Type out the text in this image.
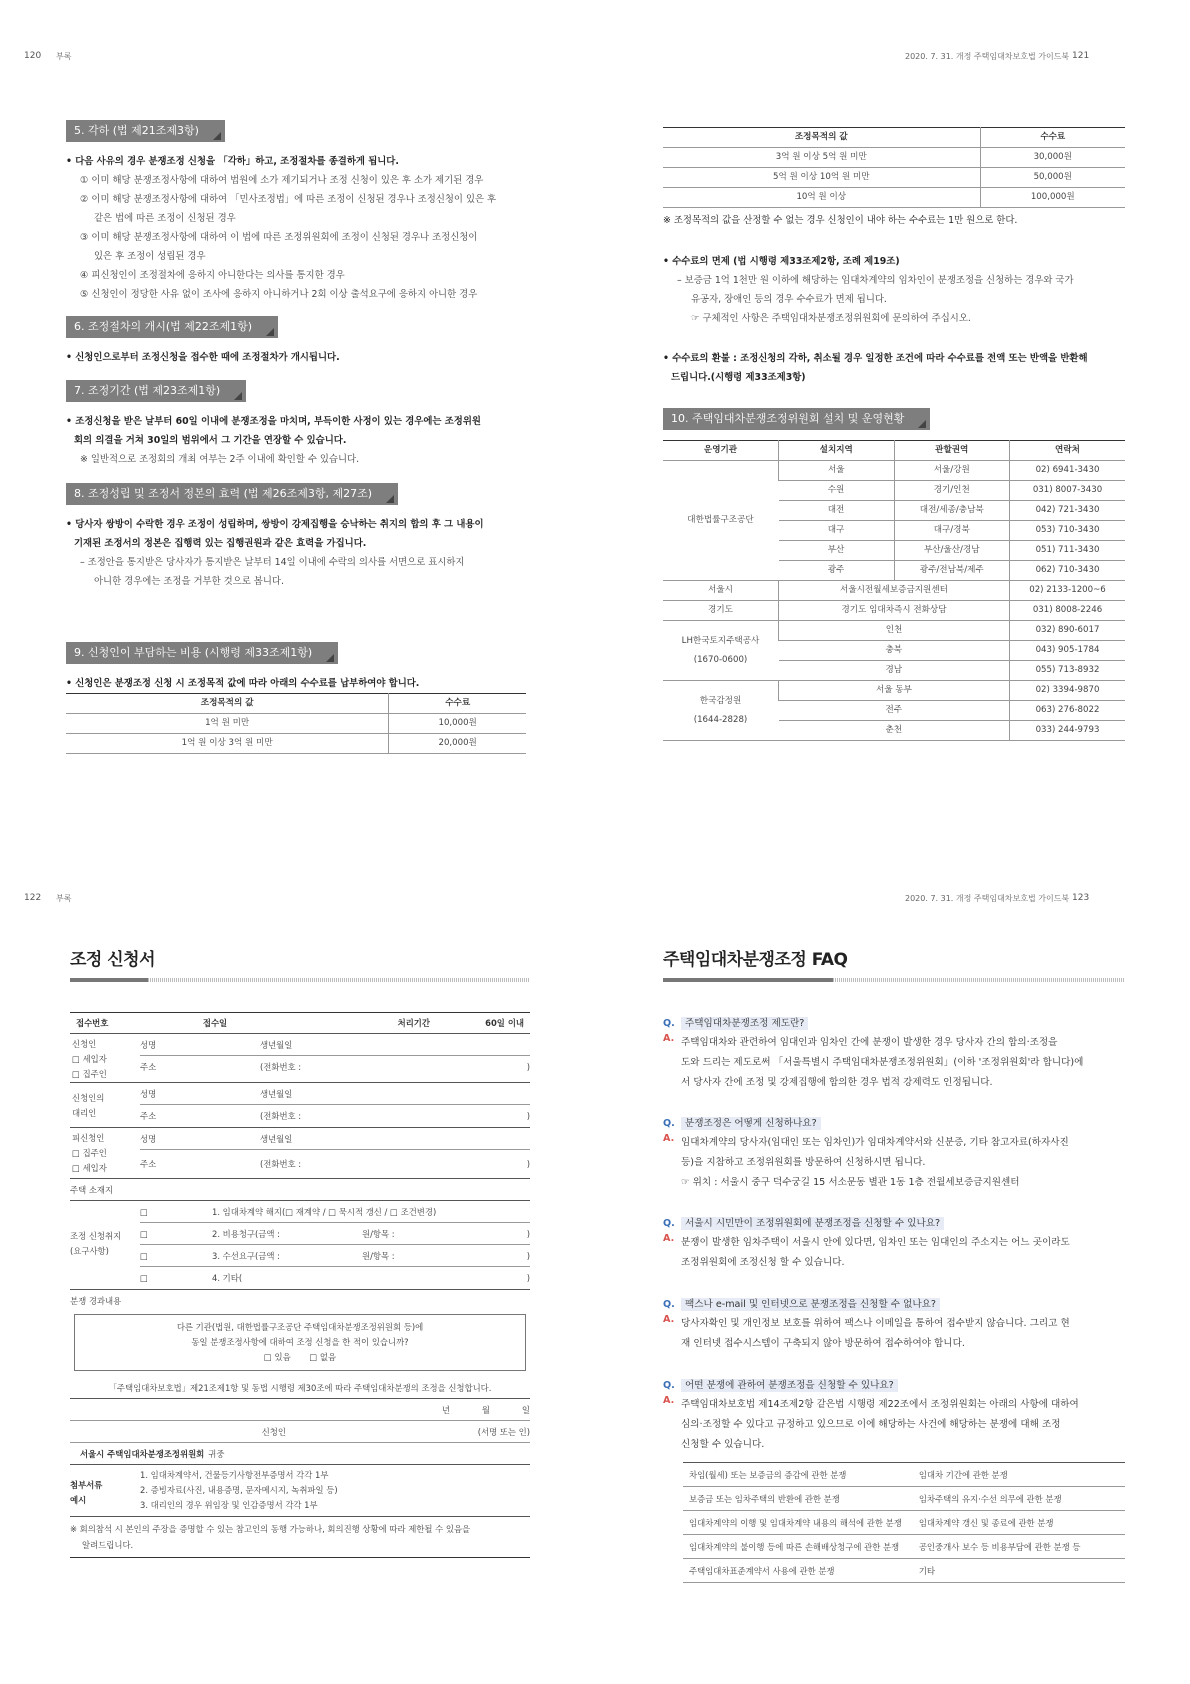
120 부록
5. 각하 (법 제21조제3항)
• 다음 사유의 경우 분쟁조정 신청을 「각하」하고, 조정절차를 종결하게 됩니다.
① 이미 해당 분쟁조정사항에 대하여 법원에 소가 제기되거나 조정 신청이 있은 후 소가 제기된 경우
② 이미 해당 분쟁조정사항에 대하여 「민사조정법」에 따른 조정이 신청된 경우나 조정신청이 있은 후
같은 법에 따른 조정이 신청된 경우
③ 이미 해당 분쟁조정사항에 대하여 이 법에 따른 조정위원회에 조정이 신청된 경우나 조정신청이
있은 후 조정이 성립된 경우
④ 피신청인이 조정절차에 응하지 아니한다는 의사를 통지한 경우
⑤ 신청인이 정당한 사유 없이 조사에 응하지 아니하거나 2회 이상 출석요구에 응하지 아니한 경우
6. 조정절차의 개시(법 제22조제1항)
• 신청인으로부터 조정신청을 접수한 때에 조정절차가 개시됩니다.
7. 조정기간 (법 제23조제1항)
• 조정신청을 받은 날부터 60일 이내에 분쟁조정을 마치며, 부득이한 사정이 있는 경우에는 조정위원
회의 의결을 거쳐 30일의 범위에서 그 기간을 연장할 수 있습니다.
※ 일반적으로 조정회의 개최 여부는 2주 이내에 확인할 수 있습니다.
8. 조정성립 및 조정서 정본의 효력 (법 제26조제3항, 제27조)
• 당사자 쌍방이 수락한 경우 조정이 성립하며, 쌍방이 강제집행을 승낙하는 취지의 합의 후 그 내용이
기재된 조정서의 정본은 집행력 있는 집행권원과 같은 효력을 가집니다.
– 조정안을 통지받은 당사자가 통지받은 날부터 14일 이내에 수락의 의사를 서면으로 표시하지
아니한 경우에는 조정을 거부한 것으로 봅니다.
9. 신청인이 부담하는 비용 (시행령 제33조제1항)
• 신청인은 분쟁조정 신청 시 조정목적 값에 따라 아래의 수수료를 납부하여야 합니다.
조정목적의 값	수수료
1억 원 미만	10,000원
1억 원 이상 3억 원 미만	20,000원
2020. 7. 31. 개정 주택임대차보호법 가이드북 121
조정목적의 값	수수료
3억 원 이상 5억 원 미만	30,000원
5억 원 이상 10억 원 미만	50,000원
10억 원 이상	100,000원
※ 조정목적의 값을 산정할 수 없는 경우 신청인이 내야 하는 수수료는 1만 원으로 한다.
• 수수료의 면제 (법 시행령 제33조제2항, 조례 제19조)
– 보증금 1억 1천만 원 이하에 해당하는 임대차계약의 임차인이 분쟁조정을 신청하는 경우와 국가
유공자, 장애인 등의 경우 수수료가 면제 됩니다.
☞ 구체적인 사항은 주택임대차분쟁조정위원회에 문의하여 주십시오.
• 수수료의 환불 : 조정신청의 각하, 취소될 경우 일정한 조건에 따라 수수료를 전액 또는 반액을 반환해
드립니다.(시행령 제33조제3항)
10. 주택임대차분쟁조정위원회 설치 및 운영현황
운영기관	설치지역	관할권역	연락처
대한법률구조공단	서울	서울/강원	02) 6941-3430
	수원	경기/인천	031) 8007-3430
	대전	대전/세종/충남북	042) 721-3430
	대구	대구/경북	053) 710-3430
	부산	부산/울산/경남	051) 711-3430
	광주	광주/전남북/제주	062) 710-3430
서울시	서울시전월세보증금지원센터		02) 2133-1200~6
경기도	경기도 임대차즉시 전화상담		031) 8008-2246
LH한국토지주택공사
(1670-0600)	인천		032) 890-6017
	충북		043) 905-1784
	경남		055) 713-8932
한국감정원
(1644-2828)	서울 동부		02) 3394-9870
	전주		063) 276-8022
	춘천		033) 244-9793
122 부록
조정 신청서
접수번호	접수일	처리기간	60일 이내
신청인
□ 세입자
□ 집주인
성명	생년월일
주소	(전화번호 :	)
신청인의
대리인
성명	생년월일
주소	(전화번호 :	)
피신청인
□ 집주인
□ 세입자
성명	생년월일
주소	(전화번호 :	)
주택 소재지
조정 신청취지
(요구사항)
□	1. 임대차계약 해지(□ 재계약 / □ 묵시적 갱신 / □ 조건변경)
□	2. 비용청구(금액 :	원/항목 :	)
□	3. 수선요구(금액 :	원/항목 :	)
□	4. 기타(	)
분쟁 경과내용
다른 기관(법원, 대한법률구조공단 주택임대차분쟁조정위원회 등)에
동일 분쟁조정사항에 대하여 조정 신청을 한 적이 있습니까?
□ 있음 □ 없음
「주택임대차보호법」제21조제1항 및 동법 시행령 제30조에 따라 주택임대차분쟁의 조정을 신청합니다.
년	월	일
신청인	(서명 또는 인)
서울시 주택임대차분쟁조정위원회 귀중
첨부서류
예시
1. 임대차계약서, 건물등기사항전부증명서 각각 1부
2. 증빙자료(사진, 내용증명, 문자메시지, 녹취파일 등)
3. 대리인의 경우 위임장 및 인감증명서 각각 1부
※ 회의참석 시 본인의 주장을 증명할 수 있는 참고인의 동행 가능하나, 회의진행 상황에 따라 제한될 수 있음을
알려드립니다.
2020. 7. 31. 개정 주택임대차보호법 가이드북 123
주택임대차분쟁조정 FAQ
Q. 주택임대차분쟁조정 제도란?
A. 주택임대차와 관련하여 임대인과 임차인 간에 분쟁이 발생한 경우 당사자 간의 합의·조정을
도와 드리는 제도로써 「서울특별시 주택임대차분쟁조정위원회」(이하 '조정위원회'라 합니다)에
서 당사자 간에 조정 및 강제집행에 합의한 경우 법적 강제력도 인정됩니다.
Q. 분쟁조정은 어떻게 신청하나요?
A. 임대차계약의 당사자(임대인 또는 임차인)가 임대차계약서와 신분증, 기타 참고자료(하자사진
등)을 지참하고 조정위원회를 방문하여 신청하시면 됩니다.
☞ 위치 : 서울시 중구 덕수궁길 15 서소문동 별관 1동 1층 전월세보증금지원센터
Q. 서울시 시민만이 조정위원회에 분쟁조정을 신청할 수 있나요?
A. 분쟁이 발생한 임차주택이 서울시 안에 있다면, 임차인 또는 임대인의 주소지는 어느 곳이라도
조정위원회에 조정신청 할 수 있습니다.
Q. 팩스나 e-mail 및 인터넷으로 분쟁조정을 신청할 수 없나요?
A. 당사자확인 및 개인정보 보호를 위하여 팩스나 이메일을 통하여 접수받지 않습니다. 그리고 현
재 인터넷 접수시스템이 구축되지 않아 방문하여 접수하여야 합니다.
Q. 어떤 분쟁에 관하여 분쟁조정을 신청할 수 있나요?
A. 주택임대차보호법 제14조제2항 같은법 시행령 제22조에서 조정위원회는 아래의 사항에 대하여
심의·조정할 수 있다고 규정하고 있으므로 이에 해당하는 사건에 해당하는 분쟁에 대해 조정
신청할 수 있습니다.
차임(월세) 또는 보증금의 증감에 관한 분쟁	임대차 기간에 관한 분쟁
보증금 또는 임차주택의 반환에 관한 분쟁	임차주택의 유지·수선 의무에 관한 분쟁
임대차계약의 이행 및 임대차계약 내용의 해석에 관한 분쟁	임대차계약 갱신 및 종료에 관한 분쟁
임대차계약의 불이행 등에 따른 손해배상청구에 관한 분쟁	공인중개사 보수 등 비용부담에 관한 분쟁 등
주택임대차표준계약서 사용에 관한 분쟁	기타
